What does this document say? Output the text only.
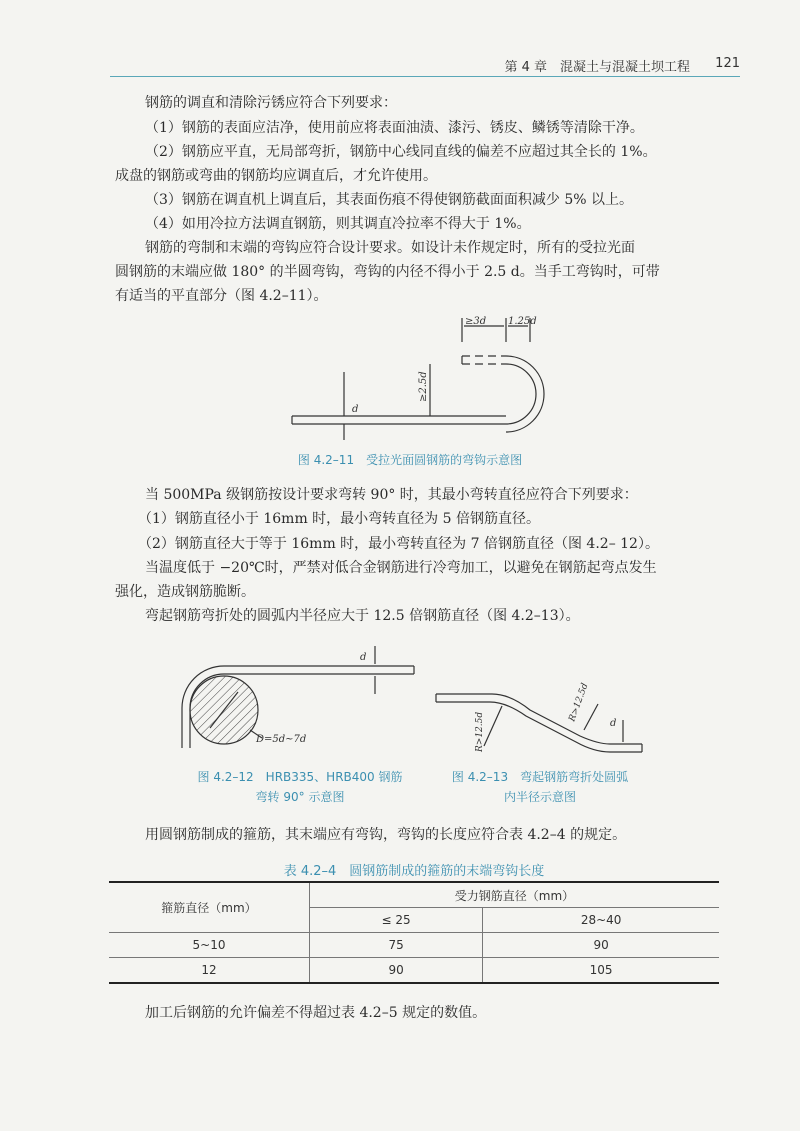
第 4 章　混凝土与混凝土坝工程 121
钢筋的调直和清除污锈应符合下列要求：
（1）钢筋的表面应洁净，使用前应将表面油渍、漆污、锈皮、鳞锈等清除干净。
（2）钢筋应平直，无局部弯折，钢筋中心线同直线的偏差不应超过其全长的 1%。
成盘的钢筋或弯曲的钢筋均应调直后，才允许使用。
（3）钢筋在调直机上调直后，其表面伤痕不得使钢筋截面面积减少 5% 以上。
（4）如用冷拉方法调直钢筋，则其调直冷拉率不得大于 1%。
钢筋的弯制和末端的弯钩应符合设计要求。如设计未作规定时，所有的受拉光面
圆钢筋的末端应做 180° 的半圆弯钩，弯钩的内径不得小于 2.5 d。当手工弯钩时，可带
有适当的平直部分（图 4.2–11）。
≥3d 1.25d
≥2.5d
d
图 4.2–11　受拉光面圆钢筋的弯钩示意图
当 500MPa 级钢筋按设计要求弯转 90° 时，其最小弯转直径应符合下列要求：
（1）钢筋直径小于 16mm 时，最小弯转直径为 5 倍钢筋直径。
（2）钢筋直径大于等于 16mm 时，最小弯转直径为 7 倍钢筋直径（图 4.2– 12）。
当温度低于 −20℃时，严禁对低合金钢筋进行冷弯加工，以避免在钢筋起弯点发生
强化，造成钢筋脆断。
弯起钢筋弯折处的圆弧内半径应大于 12.5 倍钢筋直径（图 4.2–13）。
d
D=5d~7d
图 4.2–12　HRB335、HRB400 钢筋
弯转 90° 示意图
R>12.5d
R>12.5d
d
图 4.2–13　弯起钢筋弯折处圆弧
内半径示意图
用圆钢筋制成的箍筋，其末端应有弯钩，弯钩的长度应符合表 4.2–4 的规定。
表 4.2–4　圆钢筋制成的箍筋的末端弯钩长度
箍筋直径（mm）	受力钢筋直径（mm）	
	≤ 25	28~40
5~10	75	90
12	90	105
加工后钢筋的允许偏差不得超过表 4.2–5 规定的数值。
